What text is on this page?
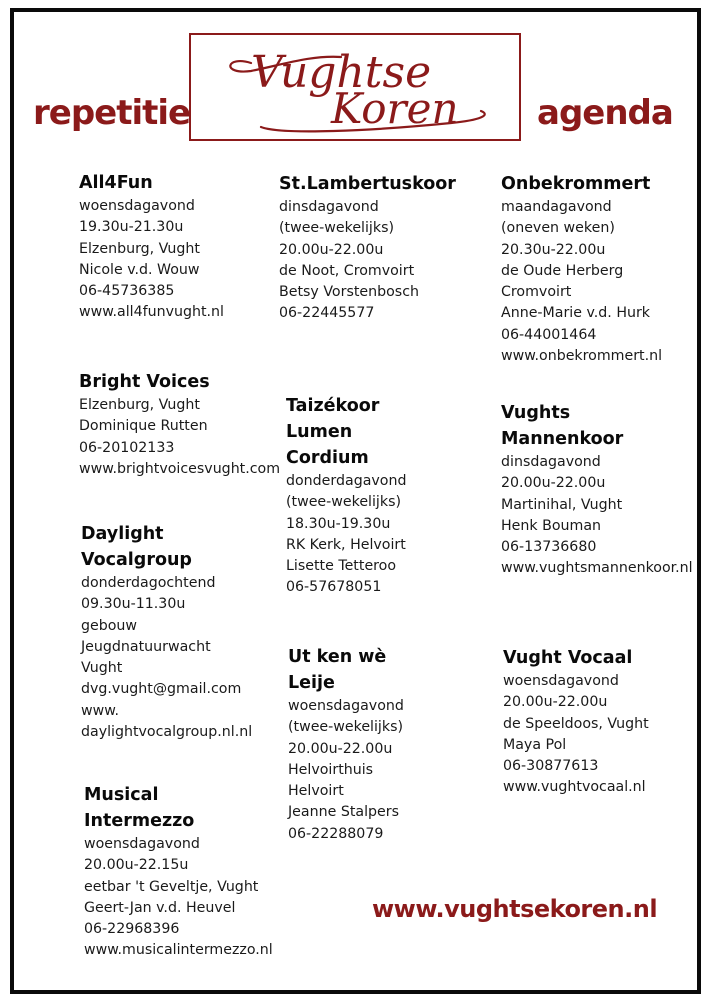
Vughtse
Koren
repetitie	agenda
All4Fun
woensdagavond
19.30u-21.30u
Elzenburg, Vught
Nicole v.d. Wouw
06-45736385
www.all4funvught.nl
Bright Voices
Elzenburg, Vught
Dominique Rutten
06-20102133
www.brightvoicesvught.com
Daylight
Vocalgroup
donderdagochtend
09.30u-11.30u
gebouw
Jeugdnatuurwacht
Vught
dvg.vught@gmail.com
www.
daylightvocalgroup.nl.nl
Musical
Intermezzo
woensdagavond
20.00u-22.15u
eetbar 't Geveltje, Vught
Geert-Jan v.d. Heuvel
06-22968396
www.musicalintermezzo.nl
St.Lambertuskoor
dinsdagavond
(twee-wekelijks)
20.00u-22.00u
de Noot, Cromvoirt
Betsy Vorstenbosch
06-22445577
Taizékoor
Lumen
Cordium
donderdagavond
(twee-wekelijks)
18.30u-19.30u
RK Kerk, Helvoirt
Lisette Tetteroo
06-57678051
Ut ken wè
Leije
woensdagavond
(twee-wekelijks)
20.00u-22.00u
Helvoirthuis
Helvoirt
Jeanne Stalpers
06-22288079
Onbekrommert
maandagavond
(oneven weken)
20.30u-22.00u
de Oude Herberg
Cromvoirt
Anne-Marie v.d. Hurk
06-44001464
www.onbekrommert.nl
Vughts
Mannenkoor
dinsdagavond
20.00u-22.00u
Martinihal, Vught
Henk Bouman
06-13736680
www.vughtsmannenkoor.nl
Vught Vocaal
woensdagavond
20.00u-22.00u
de Speeldoos, Vught
Maya Pol
06-30877613
www.vughtvocaal.nl
www.vughtsekoren.nl
